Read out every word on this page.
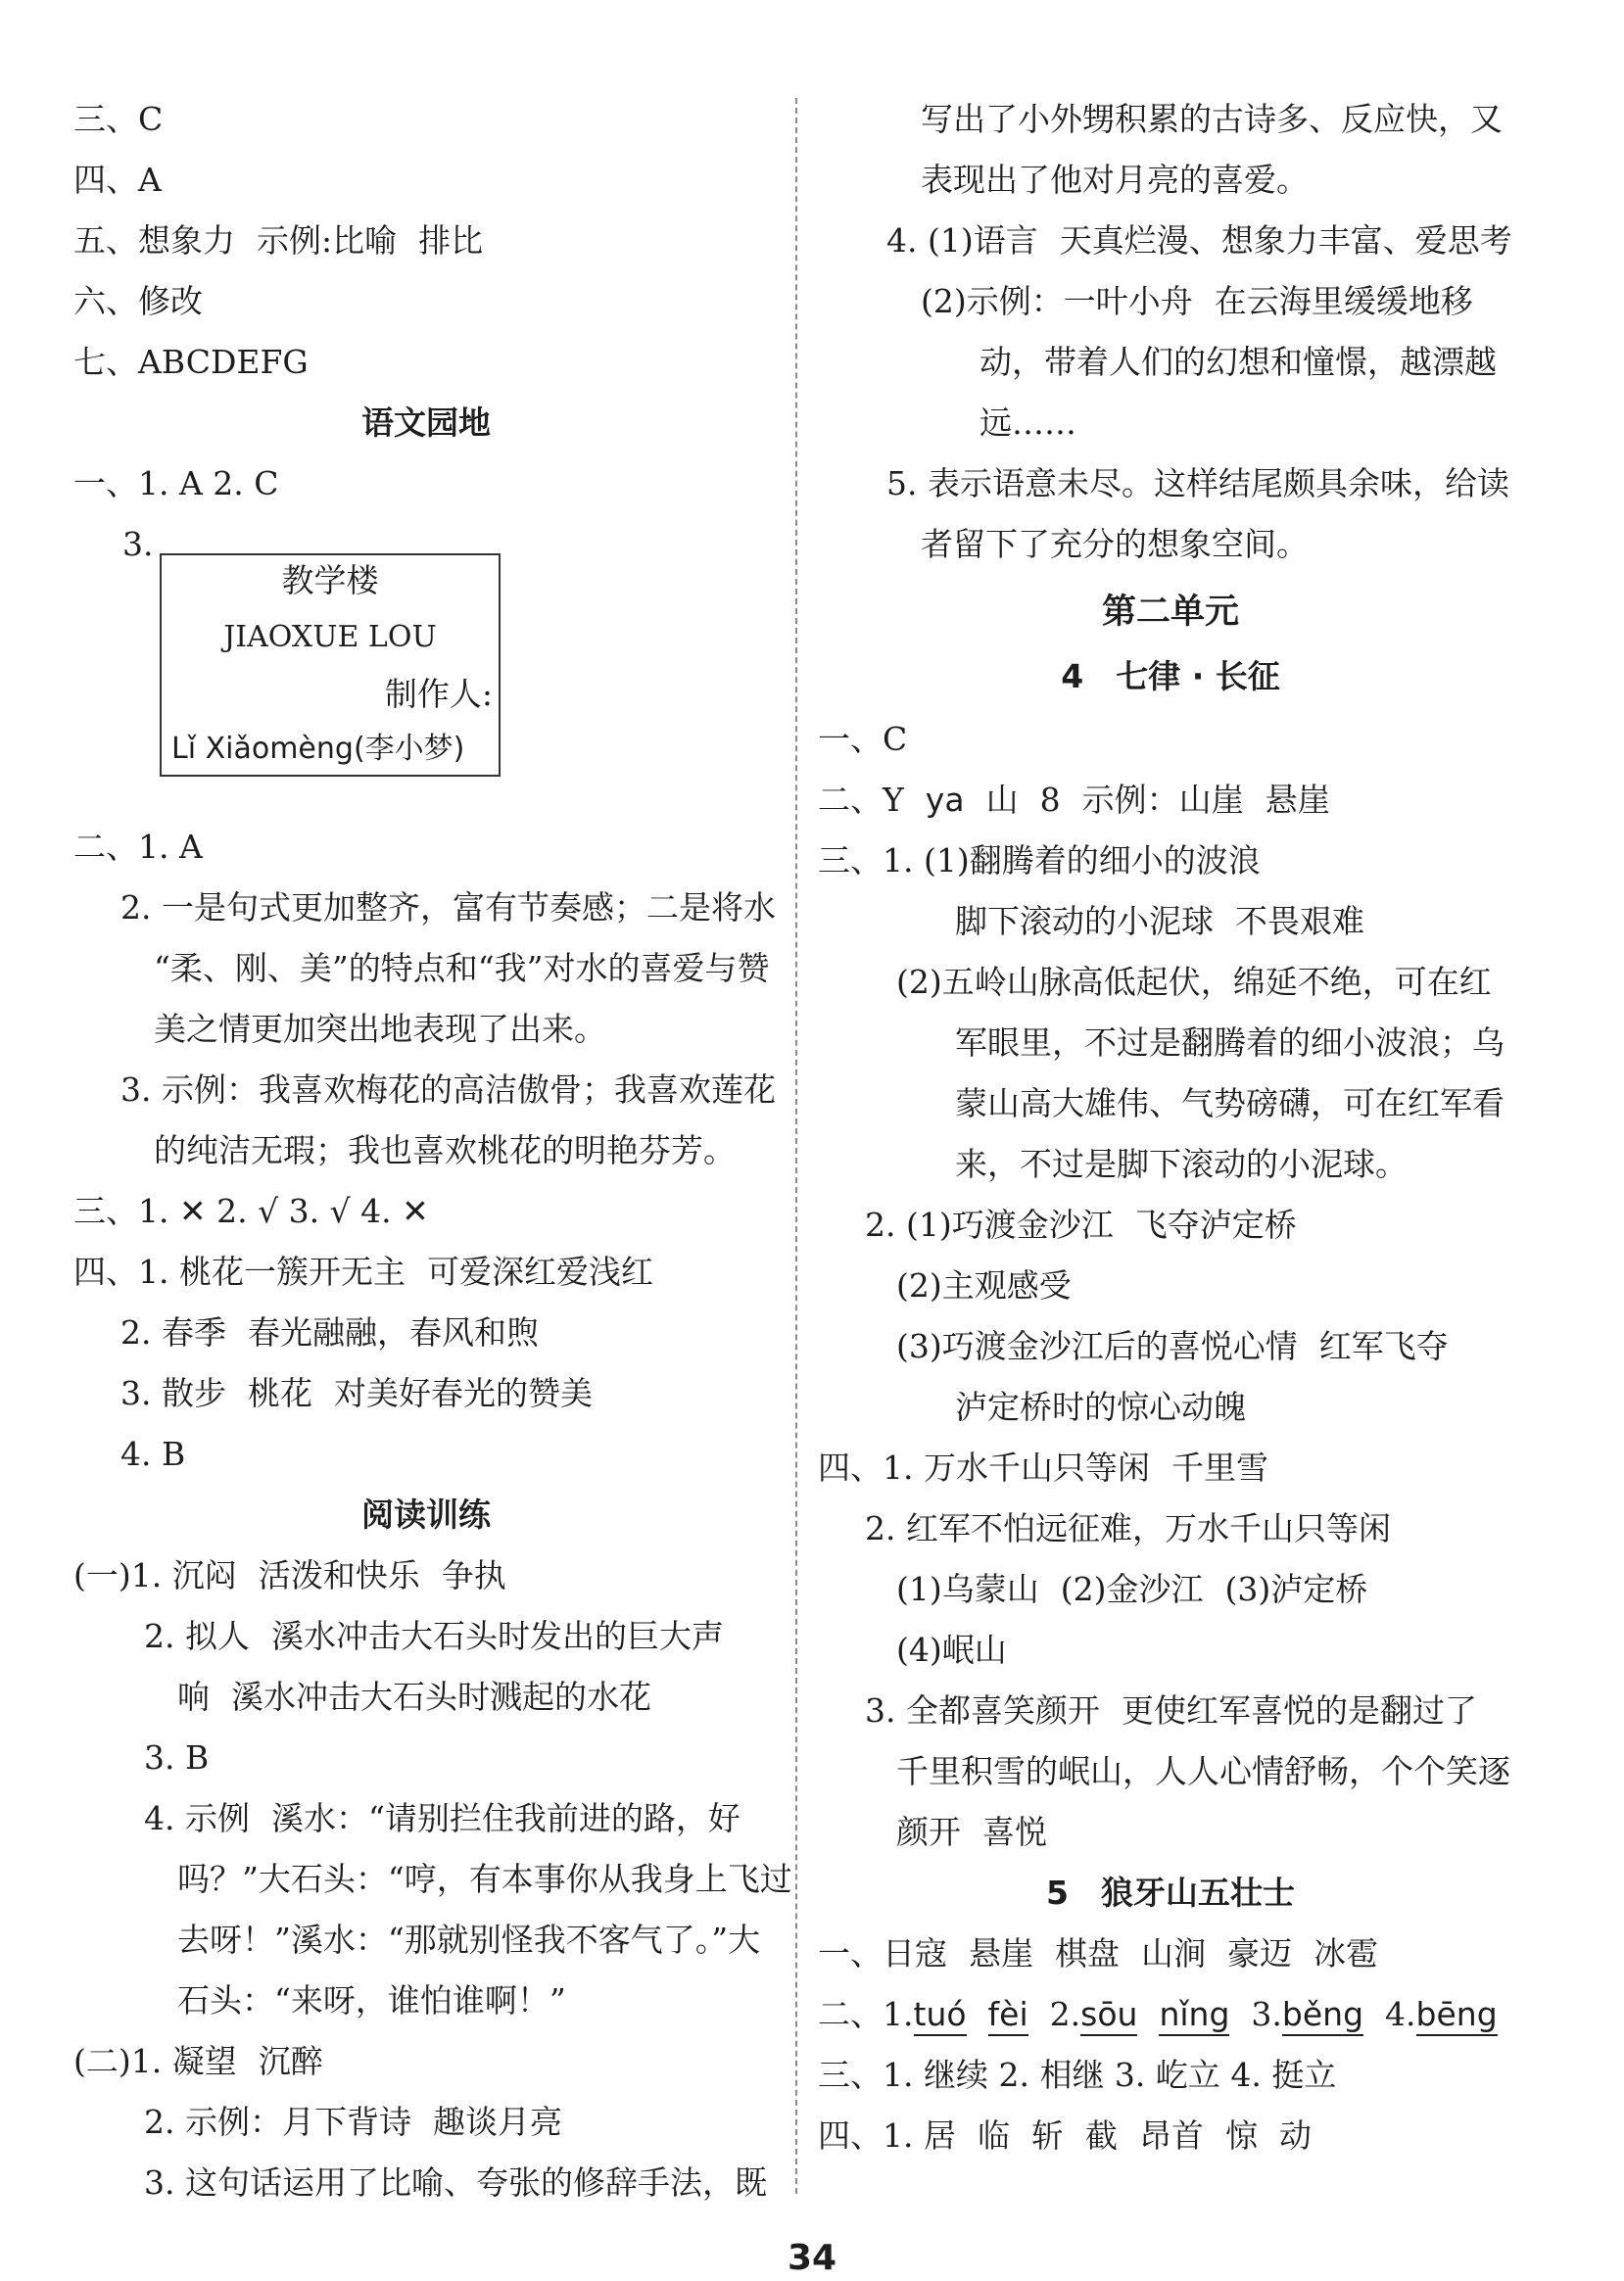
三、C
四、A
五、想象力 示例:比喻 排比
六、修改
七、ABCDEFG
语文园地
一、1. A 2. C
3.
教学楼
JIAOXUE LOU
制作人:
Lǐ Xiǎomèng(李小梦)
二、1. A
2. 一是句式更加整齐，富有节奏感；二是将水
“柔、刚、美”的特点和“我”对水的喜爱与赞
美之情更加突出地表现了出来。
3. 示例：我喜欢梅花的高洁傲骨；我喜欢莲花
的纯洁无瑕；我也喜欢桃花的明艳芬芳。
三、1. ✕ 2. √ 3. √ 4. ✕
四、1. 桃花一簇开无主 可爱深红爱浅红
2. 春季 春光融融，春风和煦
3. 散步 桃花 对美好春光的赞美
4. B
阅读训练
(一)1. 沉闷 活泼和快乐 争执
2. 拟人 溪水冲击大石头时发出的巨大声
响 溪水冲击大石头时溅起的水花
3. B
4. 示例 溪水：“请别拦住我前进的路，好
吗？”大石头：“哼，有本事你从我身上飞过
去呀！”溪水：“那就别怪我不客气了。”大
石头：“来呀，谁怕谁啊！”
(二)1. 凝望 沉醉
2. 示例：月下背诗 趣谈月亮
3. 这句话运用了比喻、夸张的修辞手法，既
写出了小外甥积累的古诗多、反应快，又
表现出了他对月亮的喜爱。
4. (1)语言 天真烂漫、想象力丰富、爱思考
(2)示例：一叶小舟 在云海里缓缓地移
动，带着人们的幻想和憧憬，越漂越
远……
5. 表示语意未尽。这样结尾颇具余味，给读
者留下了充分的想象空间。
第二单元
4　七律 · 长征
一、C
二、Y ya 山 8 示例：山崖 悬崖
三、1. (1)翻腾着的细小的波浪
脚下滚动的小泥球 不畏艰难
(2)五岭山脉高低起伏，绵延不绝，可在红
军眼里，不过是翻腾着的细小波浪；乌
蒙山高大雄伟、气势磅礴，可在红军看
来，不过是脚下滚动的小泥球。
2. (1)巧渡金沙江 飞夺泸定桥
(2)主观感受
(3)巧渡金沙江后的喜悦心情 红军飞夺
泸定桥时的惊心动魄
四、1. 万水千山只等闲 千里雪
2. 红军不怕远征难，万水千山只等闲
(1)乌蒙山 (2)金沙江 (3)泸定桥
(4)岷山
3. 全都喜笑颜开 更使红军喜悦的是翻过了
千里积雪的岷山，人人心情舒畅，个个笑逐
颜开 喜悦
5　狼牙山五壮士
一、日寇 悬崖 棋盘 山涧 豪迈 冰雹
二、1.tuó fèi 2.sōu nǐng 3.běng 4.bēng
三、1. 继续 2. 相继 3. 屹立 4. 挺立
四、1. 居 临 斩 截 昂首 惊 动
34
